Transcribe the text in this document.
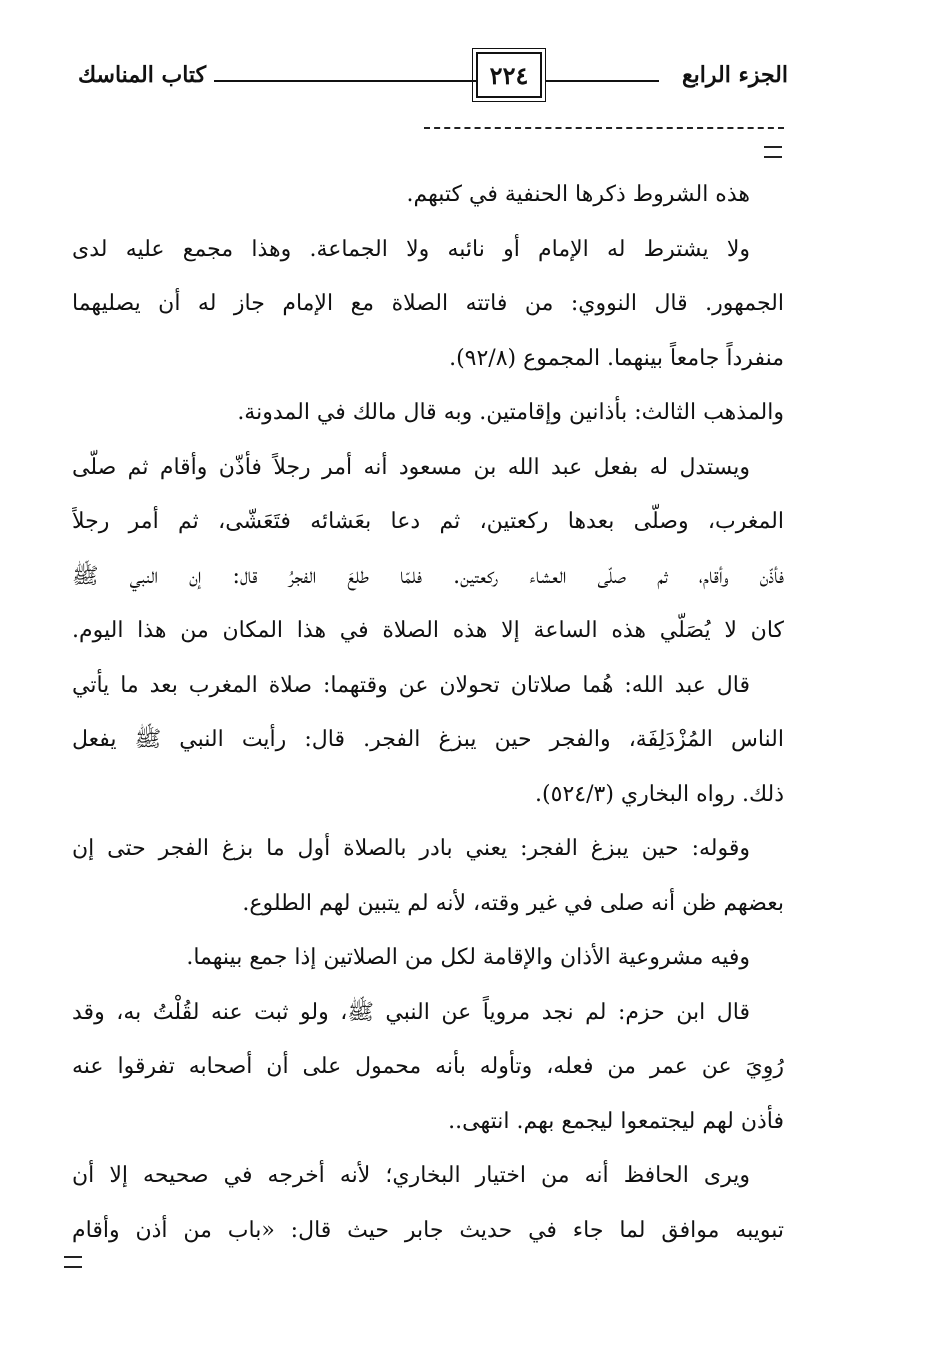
كتاب المناسك	٢٢٤	الجزء الرابع
هذه الشروط ذكرها الحنفية في كتبهم.
ولا يشترط له الإمام أو نائبه ولا الجماعة. وهذا مجمع عليه لدى
الجمهور. قال النووي: من فاتته الصلاة مع الإمام جاز له أن يصليهما
منفرداً جامعاً بينهما. المجموع (٩٢/٨).
والمذهب الثالث: بأذانين وإقامتين. وبه قال مالك في المدونة.
ويستدل له بفعل عبد الله بن مسعود أنه أمر رجلاً فأذّن وأقام ثم صلّى
المغرب، وصلّى بعدها ركعتين، ثم دعا بعَشائه فتَعَشّى، ثم أمر رجلاً
فأذّن وأقام، ثم صلّى العشاء ركعتين. فلمّا طلعَ الفجرُ قال: إن النبي ﷺ
كان لا يُصَلّي هذه الساعة إلا هذه الصلاة في هذا المكان من هذا اليوم.
قال عبد الله: هُما صلاتان تحولان عن وقتهما: صلاة المغرب بعد ما يأتي
الناس المُزْدَلِفَة، والفجر حين يبزغ الفجر. قال: رأيت النبي ﷺ يفعل
ذلك. رواه البخاري (٥٢٤/٣).
وقوله: حين يبزغ الفجر: يعني بادر بالصلاة أول ما بزغ الفجر حتى إن
بعضهم ظن أنه صلى في غير وقته، لأنه لم يتبين لهم الطلوع.
وفيه مشروعية الأذان والإقامة لكل من الصلاتين إذا جمع بينهما.
قال ابن حزم: لم نجد مروياً عن النبي ﷺ، ولو ثبت عنه لقُلْتُ به، وقد
رُوِيَ عن عمر من فعله، وتأوله بأنه محمول على أن أصحابه تفرقوا عنه
فأذن لهم ليجتمعوا ليجمع بهم. انتهى..
ويرى الحافظ أنه من اختيار البخاري؛ لأنه أخرجه في صحيحه إلا أن
تبويبه موافق لما جاء في حديث جابر حيث قال: «باب من أذن وأقام
